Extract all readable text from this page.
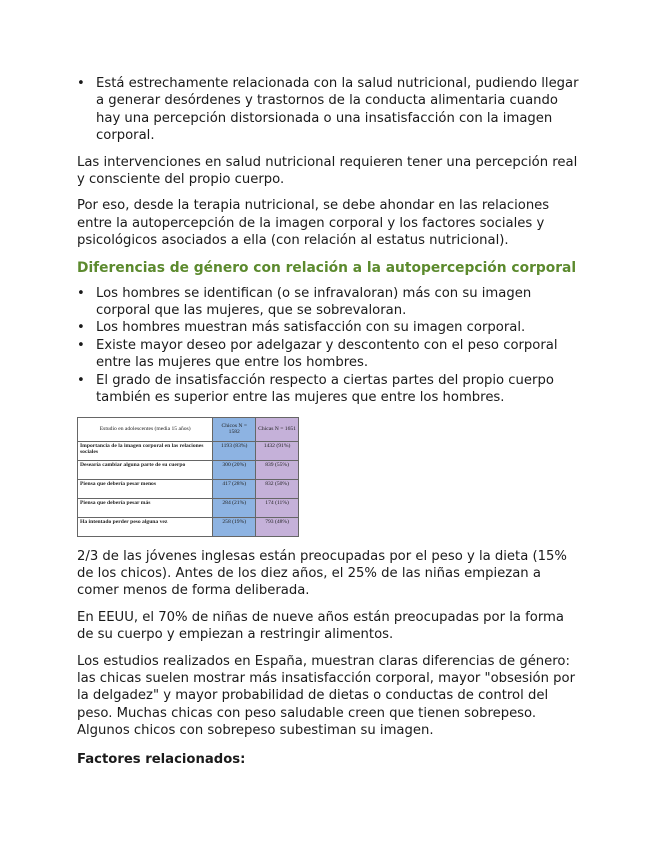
• Está estrechamente relacionada con la salud nutricional, pudiendo llegar a generar desórdenes y trastornos de la conducta alimentaria cuando hay una percepción distorsionada o una insatisfacción con la imagen corporal.

Las intervenciones en salud nutricional requieren tener una percepción real y consciente del propio cuerpo.

Por eso, desde la terapia nutricional, se debe ahondar en las relaciones entre la autopercepción de la imagen corporal y los factores sociales y psicológicos asociados a ella (con relación al estatus nutricional).

Diferencias de género con relación a la autopercepción corporal
• Los hombres se identifican (o se infravaloran) más con su imagen corporal que las mujeres, que se sobrevaloran.
• Los hombres muestran más satisfacción con su imagen corporal.
• Existe mayor deseo por adelgazar y descontento con el peso corporal entre las mujeres que entre los hombres.
• El grado de insatisfacción respecto a ciertas partes del propio cuerpo también es superior entre las mujeres que entre los hombres.
Estudio en adolescentes (media 15 años)	Chicos N = 1582	Chicas N = 1651
Importancia de la imagen corporal en las relaciones sociales	1193 (83%)	1432 (91%)
Desearía cambiar alguna parte de su cuerpo	300 (20%)	839 (55%)
Piensa que debería pesar menos	417 (28%)	832 (50%)
Piensa que debería pesar más	284 (21%)	174 (11%)
Ha intentado perder peso alguna vez	258 (19%)	793 (48%)

2/3 de las jóvenes inglesas están preocupadas por el peso y la dieta (15% de los chicos). Antes de los diez años, el 25% de las niñas empiezan a comer menos de forma deliberada.

En EEUU, el 70% de niñas de nueve años están preocupadas por la forma de su cuerpo y empiezan a restringir alimentos.

Los estudios realizados en España, muestran claras diferencias de género: las chicas suelen mostrar más insatisfacción corporal, mayor "obsesión por la delgadez" y mayor probabilidad de dietas o conductas de control del peso. Muchas chicas con peso saludable creen que tienen sobrepeso. Algunos chicos con sobrepeso subestiman su imagen.

Factores relacionados:
